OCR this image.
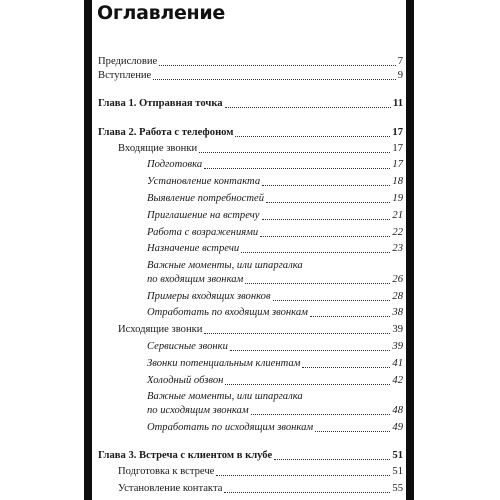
Оглавление
Предисловие	7
Вступление	9
Глава 1. Отправная точка	11
Глава 2. Работа с телефоном	17
Входящие звонки	17
Подготовка	17
Установление контакта	18
Выявление потребностей	19
Приглашение на встречу	21
Работа с возражениями	22
Назначение встречи	23
Важные моменты, или шпаргалка
по входящим звонкам	26
Примеры входящих звонков	28
Отработать по входящим звонкам	38
Исходящие звонки	39
Сервисные звонки	39
Звонки потенциальным клиентам	41
Холодный обзвон	42
Важные моменты, или шпаргалка
по исходящим звонкам	48
Отработать по исходящим звонкам	49
Глава 3. Встреча с клиентом в клубе	51
Подготовка к встрече	51
Установление контакта	55
